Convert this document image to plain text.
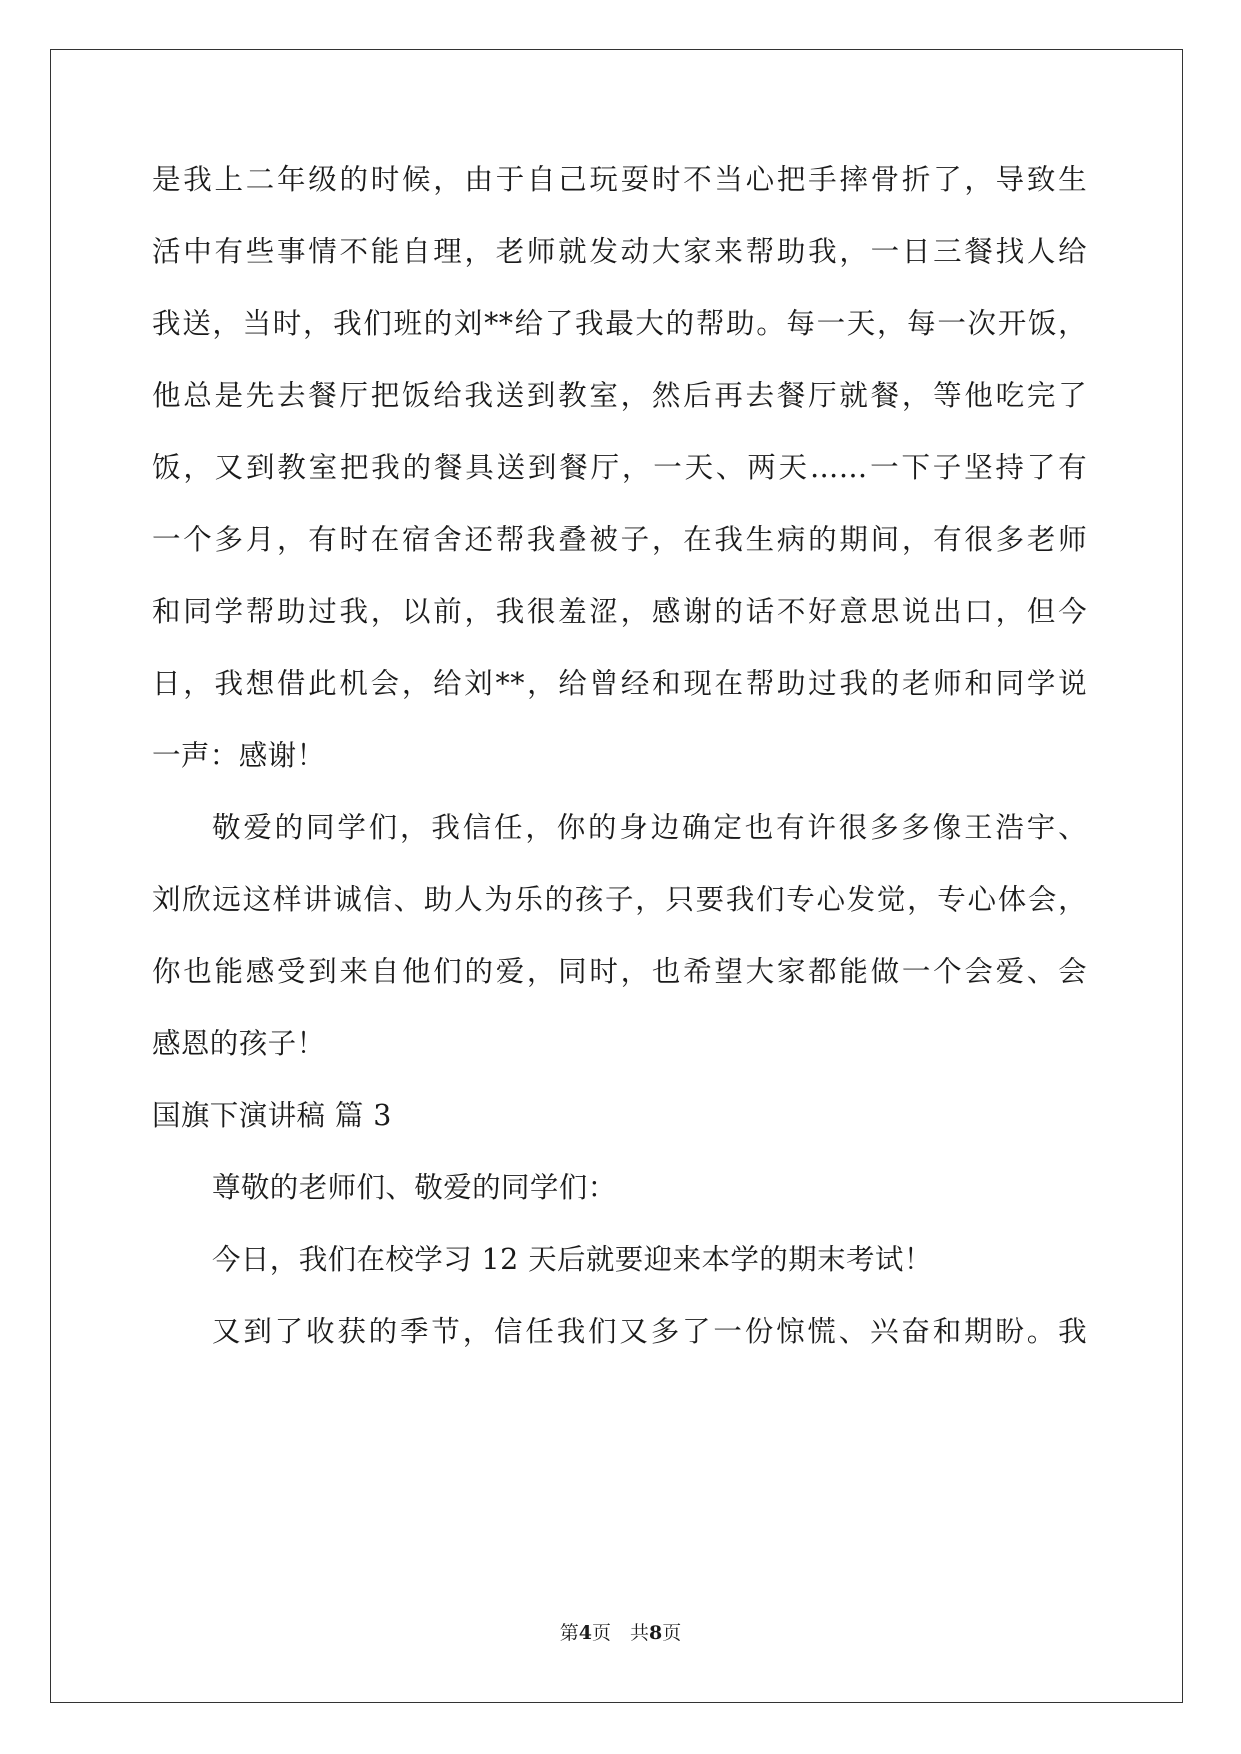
是我上二年级的时候，由于自己玩耍时不当心把手摔骨折了，导致生
活中有些事情不能自理，老师就发动大家来帮助我，一日三餐找人给
我送，当时，我们班的刘**给了我最大的帮助。每一天，每一次开饭，
他总是先去餐厅把饭给我送到教室，然后再去餐厅就餐，等他吃完了
饭，又到教室把我的餐具送到餐厅，一天、两天……一下子坚持了有
一个多月，有时在宿舍还帮我叠被子，在我生病的期间，有很多老师
和同学帮助过我，以前，我很羞涩，感谢的话不好意思说出口，但今
日，我想借此机会，给刘**，给曾经和现在帮助过我的老师和同学说
一声：感谢！
敬爱的同学们，我信任，你的身边确定也有许很多多像王浩宇、
刘欣远这样讲诚信、助人为乐的孩子，只要我们专心发觉，专心体会，
你也能感受到来自他们的爱，同时，也希望大家都能做一个会爱、会
感恩的孩子！
国旗下演讲稿 篇 3
尊敬的老师们、敬爱的同学们：
今日，我们在校学习 12 天后就要迎来本学的期末考试！
又到了收获的季节，信任我们又多了一份惊慌、兴奋和期盼。我
第4页　共8页
